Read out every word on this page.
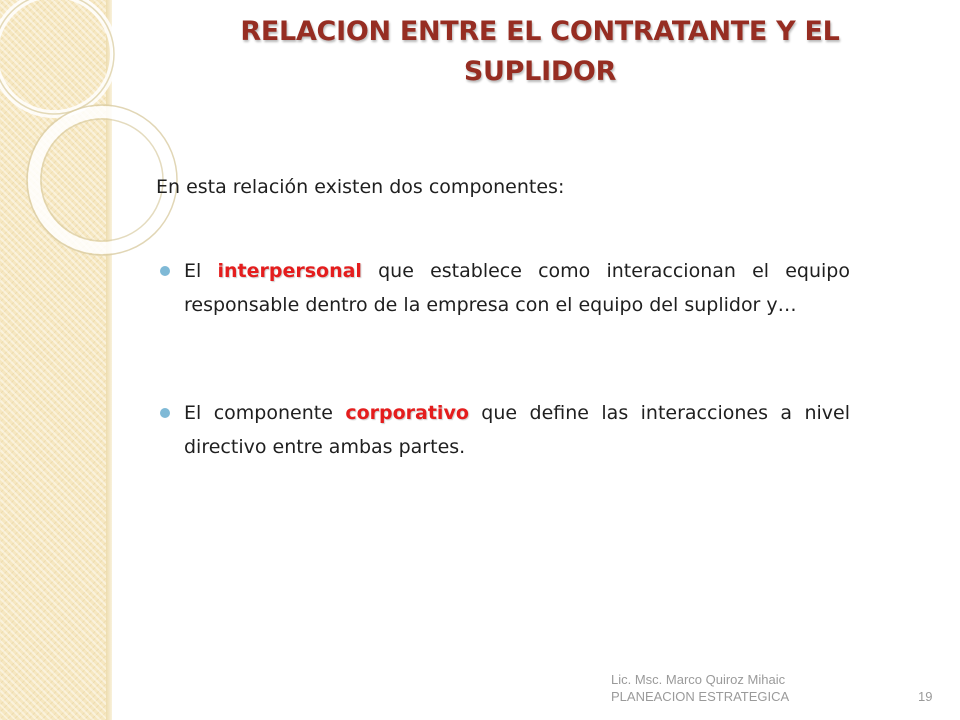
RELACION ENTRE EL CONTRATANTE Y EL
SUPLIDOR
En esta relación existen dos componentes:
El interpersonal que establece como interaccionan el equipo responsable dentro de la empresa con el equipo del suplidor y…
El componente corporativo que define las interacciones a nivel directivo entre ambas partes.
Lic. Msc. Marco Quiroz Mihaic
PLANEACION ESTRATEGICA	19
